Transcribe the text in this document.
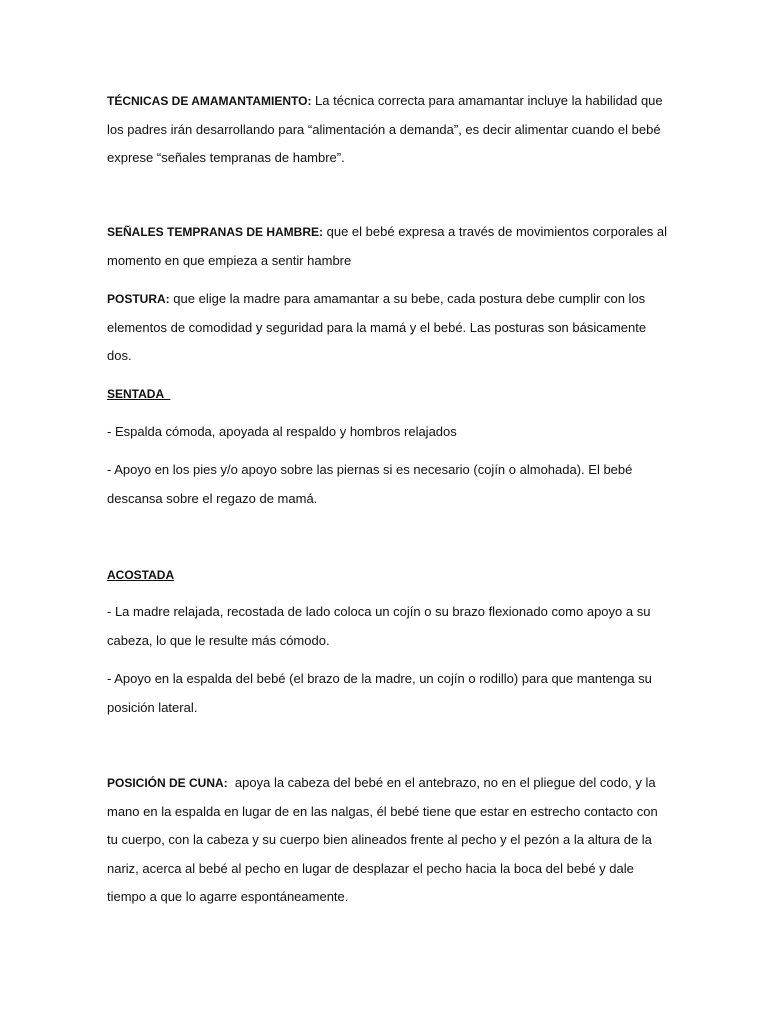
TÉCNICAS DE AMAMANTAMIENTO: La técnica correcta para amamantar incluye la habilidad que los padres irán desarrollando para “alimentación a demanda”, es decir alimentar cuando el bebé exprese “señales tempranas de hambre”.

SEÑALES TEMPRANAS DE HAMBRE: que el bebé expresa a través de movimientos corporales al momento en que empieza a sentir hambre

POSTURA: que elige la madre para amamantar a su bebe, cada postura debe cumplir con los elementos de comodidad y seguridad para la mamá y el bebé. Las posturas son básicamente dos.

SENTADA

- Espalda cómoda, apoyada al respaldo y hombros relajados

- Apoyo en los pies y/o apoyo sobre las piernas si es necesario (cojín o almohada). El bebé descansa sobre el regazo de mamá.

ACOSTADA

- La madre relajada, recostada de lado coloca un cojín o su brazo flexionado como apoyo a su cabeza, lo que le resulte más cómodo.

- Apoyo en la espalda del bebé (el brazo de la madre, un cojín o rodillo) para que mantenga su posición lateral.

POSICIÓN DE CUNA:  apoya la cabeza del bebé en el antebrazo, no en el pliegue del codo, y la mano en la espalda en lugar de en las nalgas, él bebé tiene que estar en estrecho contacto con tu cuerpo, con la cabeza y su cuerpo bien alineados frente al pecho y el pezón a la altura de la nariz, acerca al bebé al pecho en lugar de desplazar el pecho hacia la boca del bebé y dale tiempo a que lo agarre espontáneamente.
